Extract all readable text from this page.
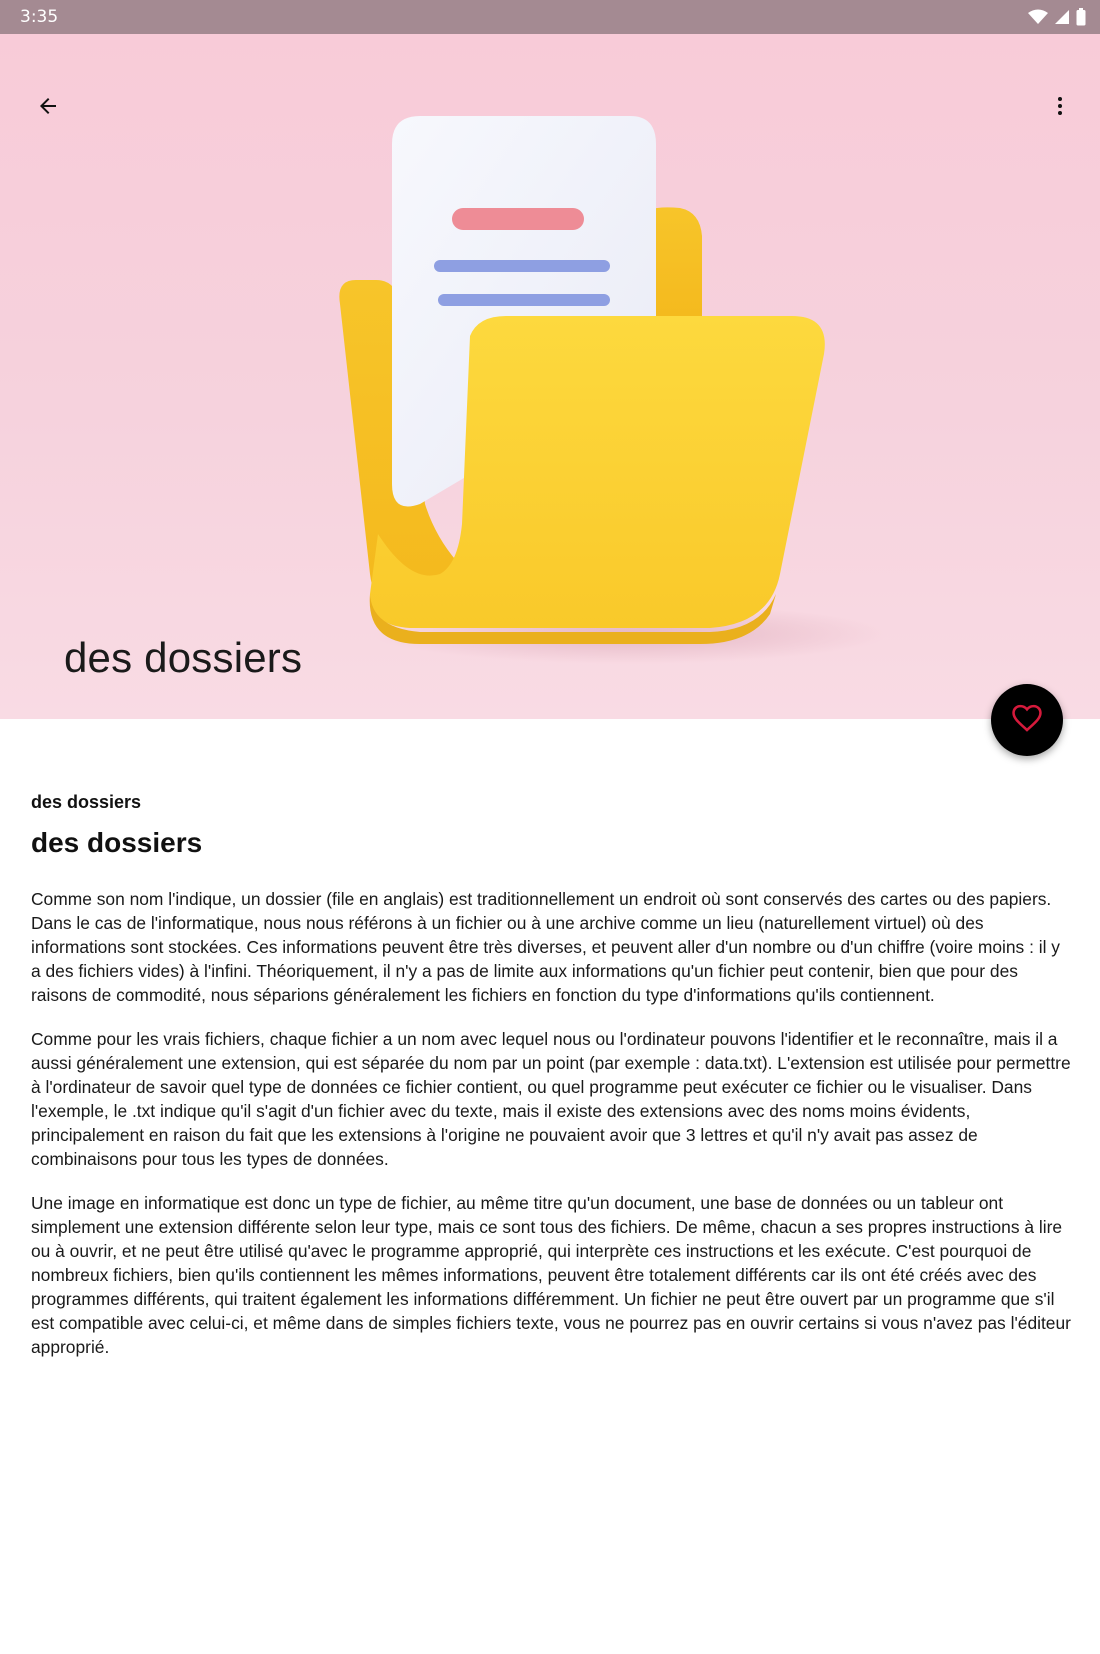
3:35
des dossiers
des dossiers
des dossiers

Comme son nom l'indique, un dossier (file en anglais) est traditionnellement un endroit où sont conservés des cartes ou des papiers. Dans le cas de l'informatique, nous nous référons à un fichier ou à une archive comme un lieu (naturellement virtuel) où des informations sont stockées. Ces informations peuvent être très diverses, et peuvent aller d'un nombre ou d'un chiffre (voire moins : il y a des fichiers vides) à l'infini. Théoriquement, il n'y a pas de limite aux informations qu'un fichier peut contenir, bien que pour des raisons de commodité, nous séparions généralement les fichiers en fonction du type d'informations qu'ils contiennent.

Comme pour les vrais fichiers, chaque fichier a un nom avec lequel nous ou l'ordinateur pouvons l'identifier et le reconnaître, mais il a aussi généralement une extension, qui est séparée du nom par un point (par exemple : data.txt). L'extension est utilisée pour permettre à l'ordinateur de savoir quel type de données ce fichier contient, ou quel programme peut exécuter ce fichier ou le visualiser. Dans l'exemple, le .txt indique qu'il s'agit d'un fichier avec du texte, mais il existe des extensions avec des noms moins évidents, principalement en raison du fait que les extensions à l'origine ne pouvaient avoir que 3 lettres et qu'il n'y avait pas assez de combinaisons pour tous les types de données.

Une image en informatique est donc un type de fichier, au même titre qu'un document, une base de données ou un tableur ont simplement une extension différente selon leur type, mais ce sont tous des fichiers. De même, chacun a ses propres instructions à lire ou à ouvrir, et ne peut être utilisé qu'avec le programme approprié, qui interprète ces instructions et les exécute. C'est pourquoi de nombreux fichiers, bien qu'ils contiennent les mêmes informations, peuvent être totalement différents car ils ont été créés avec des programmes différents, qui traitent également les informations différemment. Un fichier ne peut être ouvert par un programme que s'il est compatible avec celui-ci, et même dans de simples fichiers texte, vous ne pourrez pas en ouvrir certains si vous n'avez pas l'éditeur approprié.
